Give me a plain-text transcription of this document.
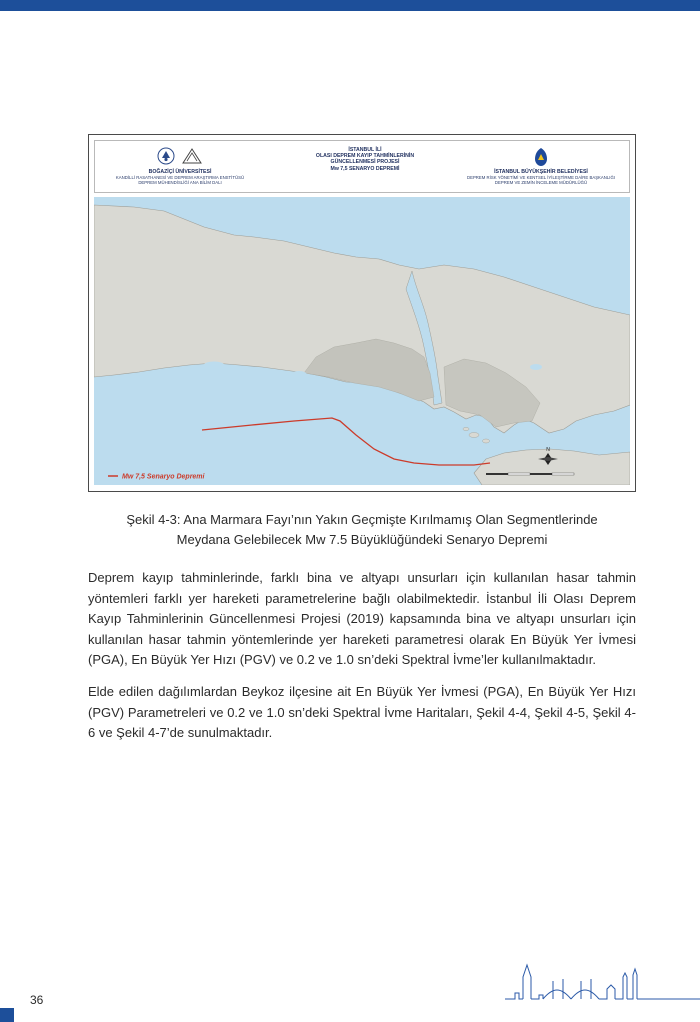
BOĞAZİÇİ ÜNİVERSİTESİ
KANDİLLİ RASATHANESİ VE DEPREM ARAŞTIRMA ENSTİTÜSÜ
DEPREM MÜHENDİSLİĞİ ANA BİLİM DALI
İSTANBUL İLİ
OLASI DEPREM KAYIP TAHMİNLERİNİN
GÜNCELLENMESİ PROJESİ
Mw 7,5 SENARYO DEPREMİ
İSTANBUL BÜYÜKŞEHİR BELEDİYESİ
DEPREM RİSK YÖNETİMİ VE KENTSEL İYİLEŞTİRME DAİRE BAŞKANLIĞI
DEPREM VE ZEMİN İNCELEME MÜDÜRLÜĞÜ
N
Mw 7,5 Senaryo Depremi
Şekil 4-3: Ana Marmara Fayı’nın Yakın Geçmişte Kırılmamış Olan Segmentlerinde
Meydana Gelebilecek Mw 7.5 Büyüklüğündeki Senaryo Depremi

Deprem kayıp tahminlerinde, farklı bina ve altyapı unsurları için kullanılan hasar tahmin yöntemleri farklı yer hareketi parametrelerine bağlı olabilmektedir. İstanbul İli Olası Deprem Kayıp Tahminlerinin Güncellenmesi Projesi (2019) kapsamında bina ve altyapı unsurları için kullanılan hasar tahmin yöntemlerinde yer hareketi parametresi olarak En Büyük Yer İvmesi (PGA), En Büyük Yer Hızı (PGV) ve 0.2 ve 1.0 sn’deki Spektral İvme’ler kullanılmaktadır.

Elde edilen dağılımlardan Beykoz ilçesine ait En Büyük Yer İvmesi (PGA), En Büyük Yer Hızı (PGV) Parametreleri ve 0.2 ve 1.0 sn’deki Spektral İvme Haritaları, Şekil 4-4, Şekil 4-5, Şekil 4-6 ve Şekil 4-7’de sunulmaktadır.

36
